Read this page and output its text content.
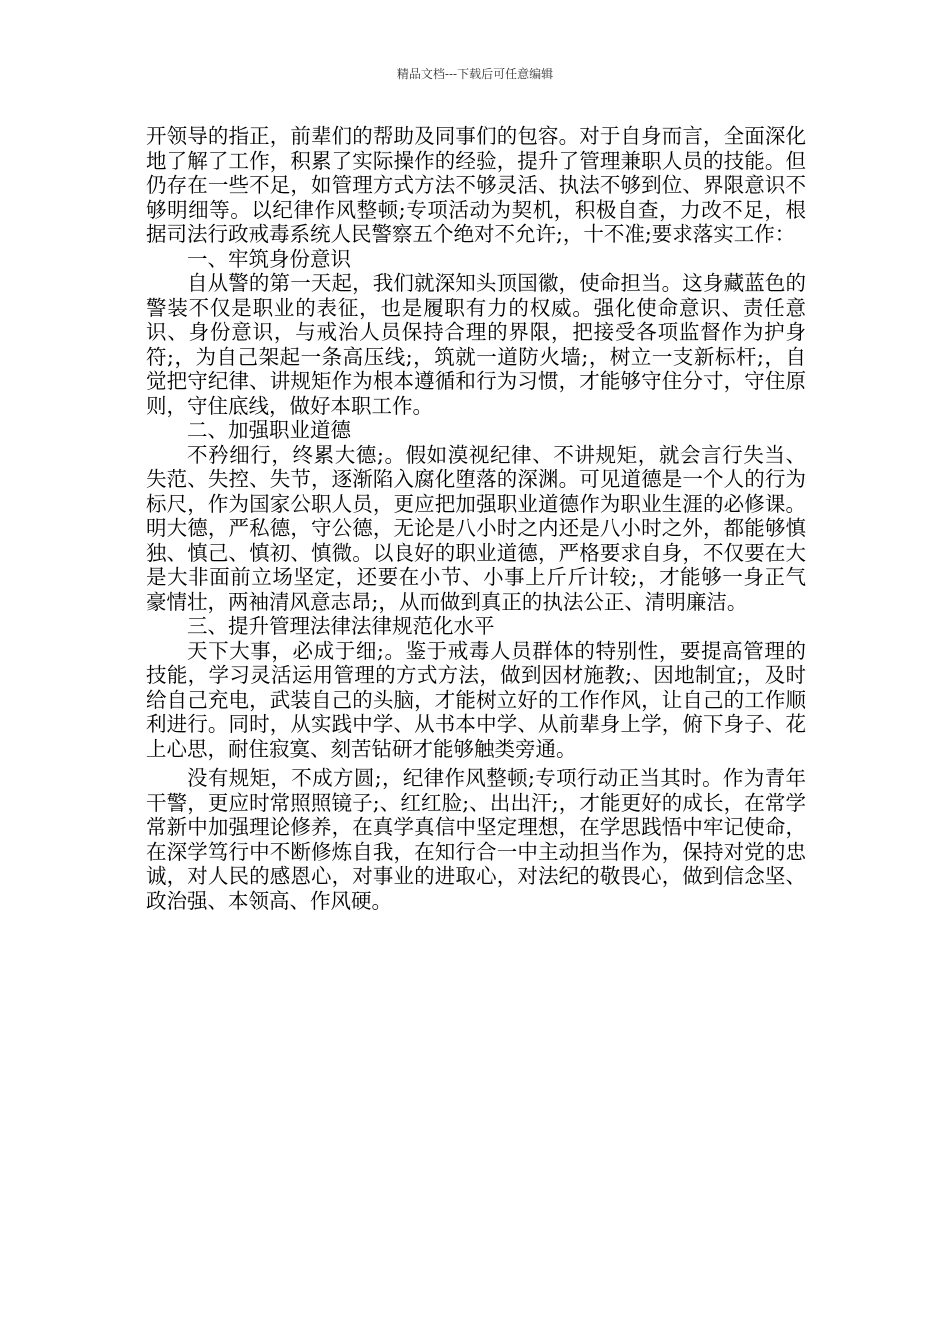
精品文档---下载后可任意编辑

开领导的指正，前辈们的帮助及同事们的包容。对于自身而言，全面深化地了解了工作，积累了实际操作的经验，提升了管理兼职人员的技能。但仍存在一些不足，如管理方式方法不够灵活、执法不够到位、界限意识不够明细等。以纪律作风整顿;专项活动为契机，积极自查，力改不足，根据司法行政戒毒系统人民警察五个绝对不允许;，十不准;要求落实工作：

一、牢筑身份意识

自从警的第一天起，我们就深知头顶国徽，使命担当。这身藏蓝色的警装不仅是职业的表征，也是履职有力的权威。强化使命意识、责任意识、身份意识，与戒治人员保持合理的界限，把接受各项监督作为护身符;，为自己架起一条高压线;，筑就一道防火墙;，树立一支新标杆;，自觉把守纪律、讲规矩作为根本遵循和行为习惯，才能够守住分寸，守住原则，守住底线，做好本职工作。

二、加强职业道德

不矜细行，终累大德;。假如漠视纪律、不讲规矩，就会言行失当、失范、失控、失节，逐渐陷入腐化堕落的深渊。可见道德是一个人的行为标尺，作为国家公职人员，更应把加强职业道德作为职业生涯的必修课。明大德，严私德，守公德，无论是八小时之内还是八小时之外，都能够慎独、慎己、慎初、慎微。以良好的职业道德，严格要求自身，不仅要在大是大非面前立场坚定，还要在小节、小事上斤斤计较;，才能够一身正气豪情壮，两袖清风意志昂;，从而做到真正的执法公正、清明廉洁。

三、提升管理法律法律规范化水平

天下大事，必成于细;。鉴于戒毒人员群体的特别性，要提高管理的技能，学习灵活运用管理的方式方法，做到因材施教;、因地制宜;，及时给自己充电，武装自己的头脑，才能树立好的工作作风，让自己的工作顺利进行。同时，从实践中学、从书本中学、从前辈身上学，俯下身子、花上心思，耐住寂寞、刻苦钻研才能够触类旁通。

没有规矩，不成方圆;，纪律作风整顿;专项行动正当其时。作为青年干警，更应时常照照镜子;、红红脸;、出出汗;，才能更好的成长，在常学常新中加强理论修养，在真学真信中坚定理想，在学思践悟中牢记使命，在深学笃行中不断修炼自我，在知行合一中主动担当作为，保持对党的忠诚，对人民的感恩心，对事业的进取心，对法纪的敬畏心，做到信念坚、政治强、本领高、作风硬。
